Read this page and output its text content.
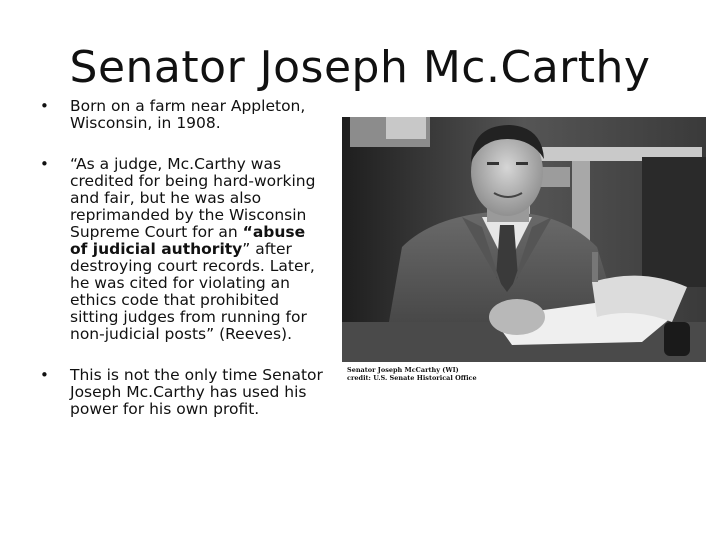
Senator Joseph Mc.Carthy
• Born on a farm near Appleton, Wisconsin, in 1908.
• “As a judge, Mc.Carthy was credited for being hard-working and fair, but he was also reprimanded by the Wisconsin Supreme Court for an “abuse of judicial authority” after destroying court records. Later, he was cited for violating an ethics code that prohibited sitting judges from running for non-judicial posts” (Reeves).
• This is not the only time Senator Joseph Mc.Carthy has used his power for his own profit.
Senator Joseph McCarthy (WI)
credit: U.S. Senate Historical Office
